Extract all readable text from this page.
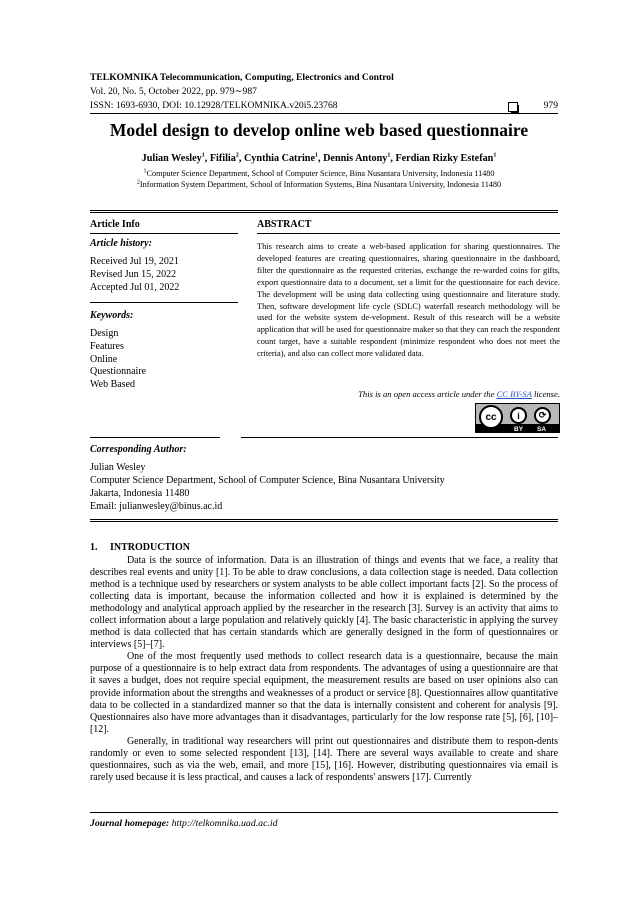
TELKOMNIKA Telecommunication, Computing, Electronics and Control
Vol. 20, No. 5, October 2022, pp. 979∼987
ISSN: 1693-6930, DOI: 10.12928/TELKOMNIKA.v20i5.23768	979
Model design to develop online web based questionnaire
Julian Wesley$^1$, Fifilia$^2$, Cynthia Catrine$^1$, Dennis Antony$^1$, Ferdian Rizky Estefan$^1$
$^1$Computer Science Department, School of Computer Science, Bina Nusantara University, Indonesia 11480
$^2$Information System Department, School of Information Systems, Bina Nusantara University, Indonesia 11480
Article Info
Article history:
Received Jul 19, 2021
Revised Jun 15, 2022
Accepted Jul 01, 2022
Keywords:
Design
Features
Online
Questionnaire
Web Based
ABSTRACT
This research aims to create a web-based application for sharing questionnaires. The developed features are creating questionnaires, sharing questionnaire in the dashboard, filter the questionnaire as the requested criterias, exchange the re-warded coins for gifts, export questionnaire data to a document, set a limit for the questionnaire for each device. The development will be using data collecting using questionnaire and literature study. Then, software development life cycle (SDLC) waterfall research methodology will be used for the website system de-velopment. Result of this research will be a website application that will be used for questionnaire maker so that they can reach the respondent count target, have a suitable respondent (minimize respondent who does not meet the criteria), and also can collect more validated data.
This is an open access article under the CC BY-SA license.
cc	i	⟳
BY SA
Corresponding Author:
Julian Wesley
Computer Science Department, School of Computer Science, Bina Nusantara University
Jakarta, Indonesia 11480
Email: julianwesley@binus.ac.id
1.     INTRODUCTION

Data is the source of information. Data is an illustration of things and events that we face, a reality that describes real events and unity [1]. To be able to draw conclusions, a data collection stage is needed. Data collection method is a technique used by researchers or system analysts to be able collect important facts [2]. So the process of collecting data is important, because the information collected and how it is explained is determined by the methodology and analytical approach applied by the researcher in the research [3]. Survey is an activity that aims to collect information about a large population and relatively quickly [4]. The basic characteristic in applying the survey method is data collected that has certain standards which are generally designed in the form of questionnaires or interviews [5]–[7].

One of the most frequently used methods to collect research data is a questionnaire, because the main purpose of a questionnaire is to help extract data from respondents. The advantages of using a questionnaire are that it saves a budget, does not require special equipment, the measurement results are based on user opinions also can provide information about the strengths and weaknesses of a product or service [8]. Questionnaires allow quantitative data to be collected in a standardized manner so that the data is internally consistent and coherent for analysis [9]. Questionnaires also have more advantages than it disadvantages, particularly for the low response rate [5], [6], [10]–[12].

Generally, in traditional way researchers will print out questionnaires and distribute them to respon-dents randomly or even to some selected respondent [13], [14]. There are several ways available to create and share questionnaires, such as via the web, email, and more [15], [16]. However, distributing questionnaires via email is rarely used because it is less practical, and causes a lack of respondents' answers [17]. Currently

Journal homepage: http://telkomnika.uad.ac.id
